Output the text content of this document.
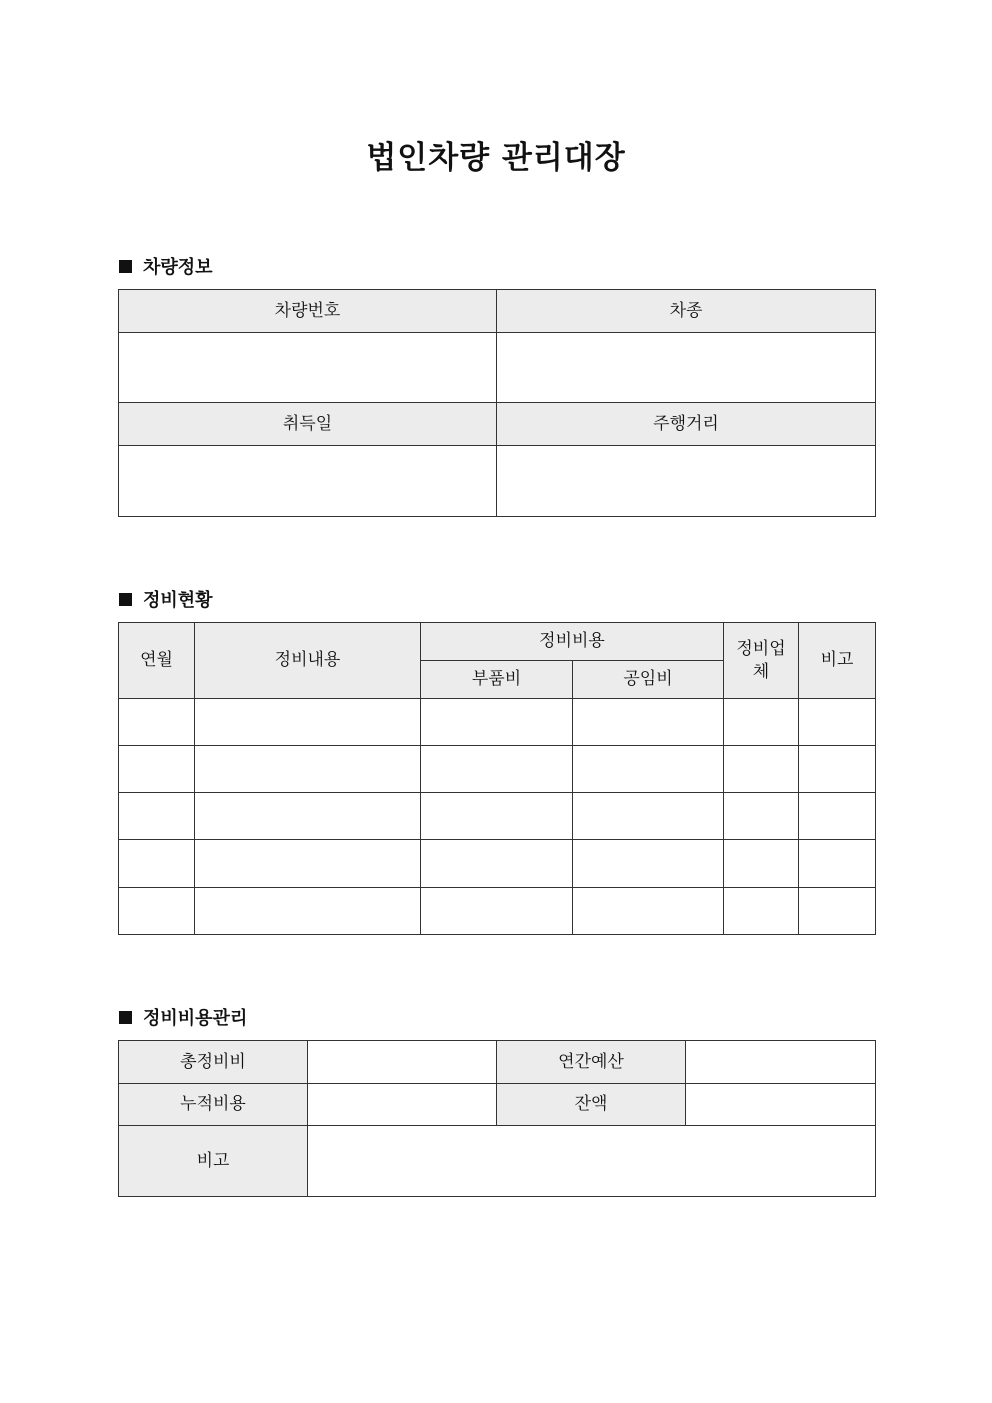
법인차량 관리대장
차량정보
차량번호	차종

취득일	주행거리

정비현황
연월	정비내용	정비비용		정비업체	비고
		부품비	공임비		

정비비용관리
총정비비		연간예산	
누적비용		잔액	
비고			
